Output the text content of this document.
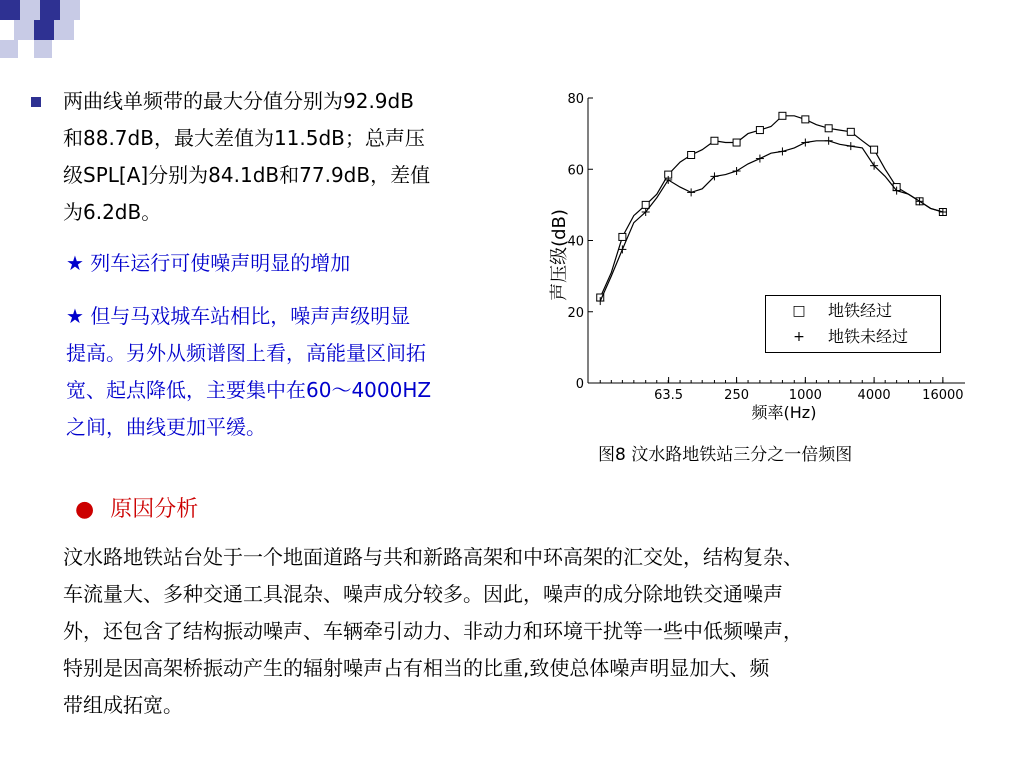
两曲线单频带的最大分值分别为92.9dB
和88.7dB，最大差值为11.5dB；总声压
级SPL[A]分别为84.1dB和77.9dB，差值
为6.2dB。
★ 列车运行可使噪声明显的增加
★ 但与马戏城车站相比，噪声声级明显
提高。另外从频谱图上看，高能量区间拓
宽、起点降低，主要集中在60～4000HZ
之间，曲线更加平缓。
● 原因分析
汶水路地铁站台处于一个地面道路与共和新路高架和中环高架的汇交处，结构复杂、
车流量大、多种交通工具混杂、噪声成分较多。因此，噪声的成分除地铁交通噪声
外，还包含了结构振动噪声、车辆牵引动力、非动力和环境干扰等一些中低频噪声，
特别是因高架桥振动产生的辐射噪声占有相当的比重,致使总体噪声明显加大、频
带组成拓宽。
0
20
40
60
80
63.5	250	1000	4000 16000
声压级(dB)
频率(Hz)
□ 地铁经过
+ 地铁未经过
图8 汶水路地铁站三分之一倍频图
